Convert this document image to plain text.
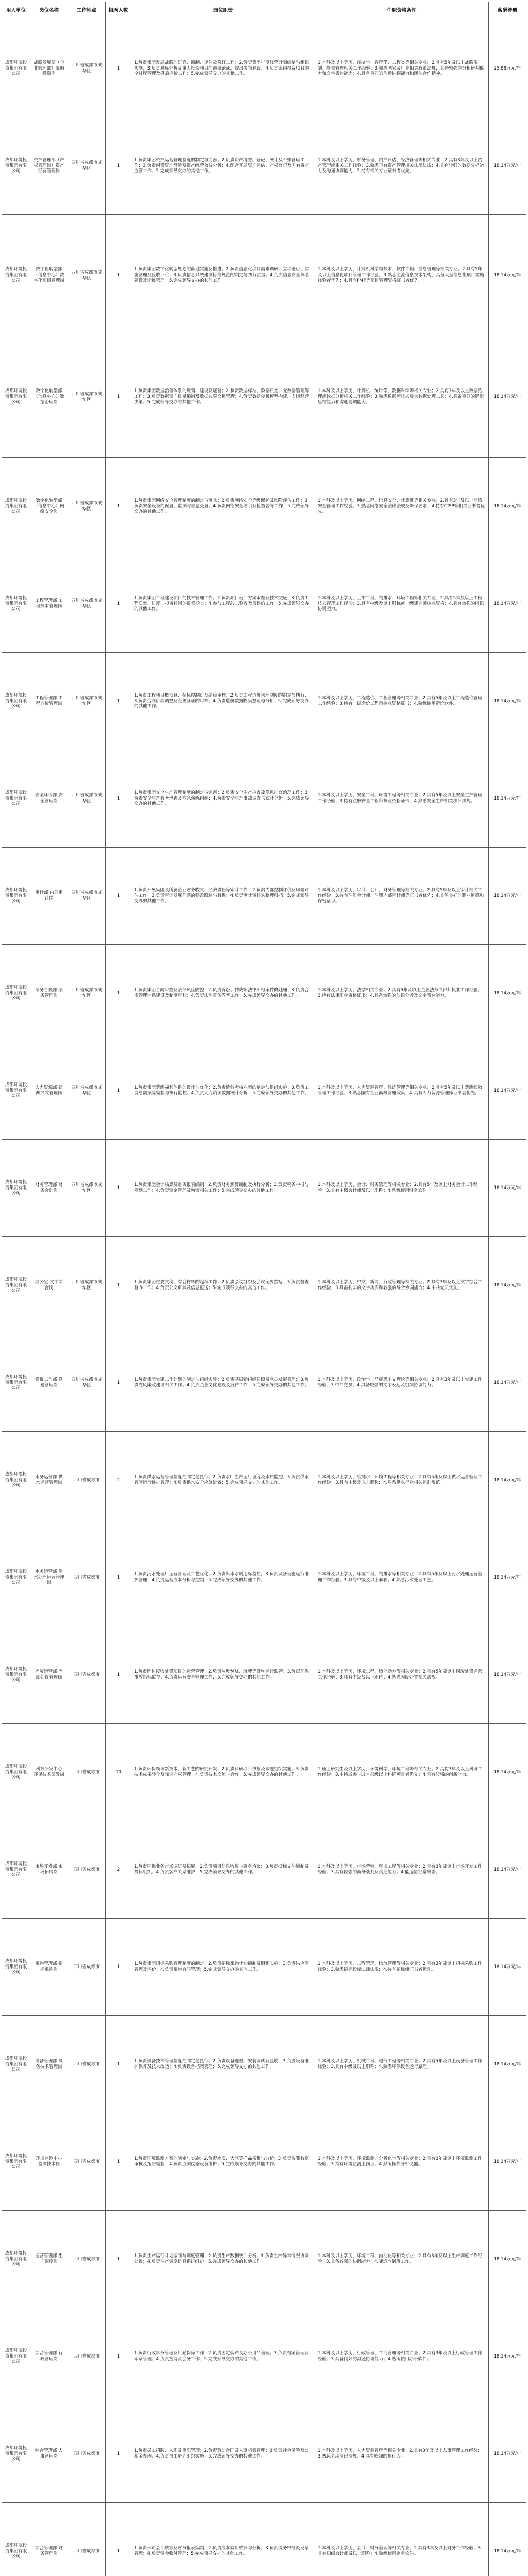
用人单位	岗位名称	工作地点	招聘人数	岗位职责	任职资格条件	薪酬待遇
成都环境投资集团有限公司	战略发展部（企业管理部）战略投资岗	四川省成都市成华区	1	1.负责集团发展战略的研究、编制、评估及修订工作；2.负责集团年度经营计划编制与组织实施；3.负责对标分析及重大投资项目的调研论证，提出决策建议；4.负责集团投资项目的全过程管理及投后评价工作；5.完成领导交办的其他工作。	1.本科及以上学历，经济学、管理学、工程类等相关专业；2.具有5年及以上战略规划、投资管理相关工作经验；3.熟悉国家及行业相关政策法规，具备较强的分析研判能力和文字表达能力；4.具备良好的沟通协调能力和团队合作精神。	25.88万元/年
成都环境投资集团有限公司	资产管理部（产权管理岗）资产经营管理岗	四川省成都市成华区	1	1.负责集团资产运营管理制度的制定与完善；2.负责资产清查、登记、统计及台账管理工作；3.负责闲置资产盘活及资产经营效益分析；4.配合开展资产评估、产权登记及国有资产监管工作；5.完成领导交办的其他工作。	1.本科及以上学历，财务管理、资产评估、经济管理等相关专业；2.具有3年及以上资产管理或相关工作经验；3.熟悉国有资产管理相关法律法规；4.具有较强的数据分析能力及沟通协调能力；5.持有相关专业证书者优先。	18.14万元/年
成都环境投资集团有限公司	数字化转型部（信息中心）数字化项目管理岗	四川省成都市成华区	1	1.负责集团数字化转型规划的落地实施及推进；2.负责信息化项目需求调研、立项论证、实施管理及验收评价；3.负责信息系统建设标准规范的制定与执行监督；4.负责信息安全体系建设及运维管理；5.完成领导交办的其他工作。	1.本科及以上学历，计算机科学与技术、软件工程、信息管理等相关专业；2.具有5年及以上信息化项目管理工作经验；3.熟悉主流信息技术架构，具备大型信息化项目实施经验者优先；4.具有PMP等项目管理资格证书者优先。	18.14万元/年
成都环境投资集团有限公司	数字化转型部（信息中心）数据治理岗	四川省成都市成华区	1	1.负责集团数据治理体系的规划、建设及运营；2.负责数据标准、数据质量、元数据管理等工作；3.负责数据资产目录编制及数据共享交换管理；4.负责数据分析模型构建，支撑经营决策；5.完成领导交办的其他工作。	1.本科及以上学历，计算机、统计学、数据科学等相关专业；2.具有3年及以上数据治理或数据分析相关工作经验；3.熟悉数据库技术及大数据处理工具；4.具备良好的逻辑思维能力和沟通协调能力。	18.14万元/年
成都环境投资集团有限公司	数字化转型部（信息中心）网络安全岗	四川省成都市成华区	1	1.负责集团网络安全管理制度的制定与落实；2.负责网络安全等级保护及风险评估工作；3.负责安全设备的配置、监测与应急处置；4.负责网络安全培训及检查督导工作；5.完成领导交办的其他工作。	1.本科及以上学历，网络工程、信息安全、计算机等相关专业；2.具有3年及以上网络安全管理工作经验；3.熟悉网络安全法律法规及等保要求；4.持有CISP等相关证书者优先。	18.14万元/年
成都环境投资集团有限公司	工程管理部 工程技术管理岗	四川省成都市成华区	1	1.负责集团工程建设项目的技术管理工作；2.负责项目设计方案审查及技术交底；3.负责工程质量、进度、投资控制的监督检查；4.参与工程竣工验收及后评价工作；5.完成领导交办的其他工作。	1.本科及以上学历，土木工程、给排水、环境工程等相关专业；2.具有5年及以上工程技术管理工作经验；3.具有中级及以上职称或一级建造师执业资格；4.具有较强的组织协调能力。	18.14万元/年
成都环境投资集团有限公司	工程管理部 工程造价管理岗	四川省成都市成华区	1	1.负责工程项目概预算、招标控制价及结算审核；2.负责工程造价管理制度的制定与执行；3.负责合同价款调整及变更签证的审核；4.负责造价数据收集整理与分析；5.完成领导交办的其他工作。	1.本科及以上学历，工程造价、工程管理等相关专业；2.具有5年及以上工程造价管理工作经验；3.持有一级造价工程师执业资格证书；4.熟练使用造价软件。	18.14万元/年
成都环境投资集团有限公司	安全环保部 安全管理岗	四川省成都市成华区	1	1.负责集团安全生产管理制度的制定与完善；2.负责安全生产检查及隐患排查治理工作；3.负责安全生产教育培训及应急演练组织；4.负责安全生产事故调查与统计分析；5.完成领导交办的其他工作。	1.本科及以上学历，安全工程、环境工程等相关专业；2.具有5年及以上安全生产管理工作经验；3.持有注册安全工程师执业资格证书；4.熟悉安全生产相关法律法规。	18.14万元/年
成都环境投资集团有限公司	审计部 内部审计岗	四川省成都市成华区	1	1.负责开展集团及所属企业财务收支、经济责任等审计工作；2.负责内部控制评价及风险评估工作；3.负责审计发现问题的整改跟踪与督促；4.负责审计资料的整理归档；5.完成领导交办的其他工作。	1.本科及以上学历，审计、会计、财务管理等相关专业；2.具有5年及以上审计相关工作经验；3.持有注册会计师、注册内部审计师等证书者优先；4.具备良好的职业道德和保密意识。	18.14万元/年
成都环境投资集团有限公司	法务合规部 法务管理岗	四川省成都市成华区	1	1.负责集团合同审查及法律风险防控；2.负责诉讼、仲裁等法律纠纷案件的处理；3.负责合规管理体系建设及制度审核；4.负责法治宣传教育工作；5.完成领导交办的其他工作。	1.本科及以上学历，法学相关专业；2.具有5年及以上企业法务或律师执业工作经验；3.持有法律职业资格证书；4.具备较强的法律分析及文字表达能力。	18.14万元/年
成都环境投资集团有限公司	人力资源部 薪酬绩效管理岗	四川省成都市成华区	1	1.负责集团薪酬福利体系的设计与优化；2.负责绩效考核方案的制定与组织实施；3.负责工资总额预算编制与执行监控；4.负责人力资源数据统计分析；5.完成领导交办的其他工作。	1.本科及以上学历，人力资源管理、经济管理等相关专业；2.具有5年及以上薪酬绩效管理工作经验；3.熟悉国有企业薪酬管理政策；4.具有人力资源管理师证书者优先。	18.14万元/年
成都环境投资集团有限公司	财务管理部 财务会计岗	四川省成都市成华区	1	1.负责集团会计核算及财务报表编制；2.负责财务预算编制及执行分析；3.负责税务申报与筹划工作；4.负责资金管理及融资相关工作；5.完成领导交办的其他工作。	1.本科及以上学历，会计、财务管理等相关专业；2.具有5年及以上财务会计工作经验；3.具有中级会计师及以上职称；4.熟练使用财务软件。	18.14万元/年
成都环境投资集团有限公司	办公室 文字综合岗	四川省成都市成华区	1	1.负责集团重要文稿、综合材料的起草工作；2.负责会议组织及会议纪要撰写；3.负责督查督办工作；4.负责公文审核及信息报送；5.完成领导交办的其他工作。	1.本科及以上学历，中文、新闻、行政管理等相关专业；2.具有3年及以上文字综合工作经验；3.具备扎实的文字功底和较强的综合协调能力；4.中共党员优先。	18.14万元/年
成都环境投资集团有限公司	党群工作部 党建管理岗	四川省成都市成华区	1	1.负责集团党建工作计划的制定与组织实施；2.负责基层党组织建设及党员发展管理；3.负责党风廉政建设相关工作；4.负责企业文化建设及宣传工作；5.完成领导交办的其他工作。	1.本科及以上学历，政治学、马克思主义理论等相关专业；2.具有3年及以上党建工作经验；3.中共党员；4.具备较强的文字表达及组织协调能力。	18.14万元/年
成都环境投资集团有限公司	水务运营部 供水运营管理岗	四川省成都市	2	1.负责供水运营管理制度的制定与执行；2.负责水厂生产运行调度及水质监控；3.负责供水管网运行维护管理；4.负责供水安全应急处置；5.完成领导交办的其他工作。	1.本科及以上学历，给排水、环境工程等相关专业；2.具有5年及以上供水运营管理工作经验；3.具有中级及以上职称；4.熟悉供水行业相关标准规范。	18.14万元/年
成都环境投资集团有限公司	水务运营部 污水处理运营管理岗	四川省成都市	1	1.负责污水处理厂运营管理及工艺优化；2.负责出水水质达标监控；3.负责设备设施运行维护管理；4.负责运营成本分析与控制；5.完成领导交办的其他工作。	1.本科及以上学历，环境工程、给排水等相关专业；2.具有5年及以上污水处理运营管理工作经验；3.具有中级及以上职称；4.熟悉污水处理工艺。	18.14万元/年
成都环境投资集团有限公司	固废运营部 固废处置管理岗	四川省成都市	1	1.负责固体废物处置项目的运营管理；2.负责垃圾焚烧、填埋等设施运行监管；3.负责环保排放指标监控；4.负责运营安全管理工作；5.完成领导交办的其他工作。	1.本科及以上学历，环境工程、热能动力等相关专业；2.具有5年及以上固废处置运营工作经验；3.具有中级及以上职称；4.熟悉固废处置相关法规。	18.14万元/年
成都环境投资集团有限公司	科技研发中心 环保技术研发岗	四川省成都市	10	1.负责环保领域新技术、新工艺的研究开发；2.负责科研项目申报及课题组织实施；3.负责技术成果转化及知识产权管理；4.负责技术交流与合作；5.完成领导交办的其他工作。	1.硕士研究生及以上学历，环境科学、环境工程等相关专业；2.具有3年及以上科研工作经验；3.主持或参与过省部级以上科研项目者优先；4.具有较强的创新能力。	18.14万元/年
成都环境投资集团有限公司	市场开发部 市场拓展岗	四川省成都市	2	1.负责环保业务市场调研及拓展；2.负责项目信息收集与商务洽谈；3.负责投标文件编制及投标组织；4.负责客户关系维护；5.完成领导交办的其他工作。	1.本科及以上学历，市场营销、环境工程等相关专业；2.具有3年及以上市场开发工作经验；3.具有较强的商务谈判及沟通能力；4.能适应经常出差。	18.14万元/年
成都环境投资集团有限公司	采购管理部 招标采购岗	四川省成都市	1	1.负责集团招标采购管理制度的制定；2.负责招标采购计划编制及组织实施；3.负责供应商管理及评价；4.负责采购合同管理；5.完成领导交办的其他工作。	1.本科及以上学历，工程管理、物流管理等相关专业；2.具有3年及以上招标采购工作经验；3.熟悉招标投标法律法规；4.持有招标师证书者优先。	18.14万元/年
成都环境投资集团有限公司	设备管理部 设备技术管理岗	四川省成都市	1	1.负责设备技术管理制度的制定与执行；2.负责设备选型、安装调试及验收；3.负责设备维护保养及技术改造；4.负责设备档案管理；5.完成领导交办的其他工作。	1.本科及以上学历，机械工程、电气工程等相关专业；2.具有5年及以上设备管理工作经验；3.具有中级及以上职称；4.熟悉环保设备运行原理。	18.14万元/年
成都环境投资集团有限公司	环境监测中心 监测技术岗	四川省成都市	1	1.负责环境监测方案的制定与实施；2.负责水质、大气等样品采集与分析；3.负责监测数据审核及报告编制；4.负责监测仪器设备维护；5.完成领导交办的其他工作。	1.本科及以上学历，环境监测、分析化学等相关专业；2.具有3年及以上环境监测工作经验；3.持有环境监测上岗证；4.熟练操作分析仪器。	18.14万元/年
成都环境投资集团有限公司	运营管理部 生产调度岗	四川省成都市	1	1.负责生产运行计划编制与调度管理；2.负责生产数据统计分析；3.负责生产异常情况协调处置；4.负责生产调度信息系统维护；5.完成领导交办的其他工作。	1.本科及以上学历，环境工程、自动化等相关专业；2.具有3年及以上生产调度工作经验；3.具备较强的协调能力；4.能适应倒班工作。	18.14万元/年
成都环境投资集团有限公司	综合管理部 行政管理岗	四川省成都市	1	1.负责行政事务管理及后勤保障工作；2.负责固定资产及办公用品管理；3.负责档案管理及印章管理；4.负责接待及会务工作；5.完成领导交办的其他工作。	1.本科及以上学历，行政管理、工商管理等相关专业；2.具有3年及以上行政管理工作经验；3.具备良好的沟通协调能力；4.熟练使用办公软件。	18.14万元/年
成都环境投资集团有限公司	综合管理部 人事管理岗	四川省成都市	1	1.负责员工招聘、入职及离职管理；2.负责劳动合同及人事档案管理；3.负责社会保险及公积金办理；4.负责员工培训组织实施；5.完成领导交办的其他工作。	1.本科及以上学历，人力资源管理等相关专业；2.具有3年及以上人事管理工作经验；3.熟悉劳动法律法规；4.具有较强的执行力。	18.14万元/年
成都环境投资集团有限公司	综合管理部 财务管理岗	四川省成都市	1	1.负责公司会计核算及财务报表编制；2.负责成本费用核算与分析；3.负责税务申报及发票管理；4.负责资金收付管理；5.完成领导交办的其他工作。	1.本科及以上学历，会计、财务管理等相关专业；2.具有3年及以上财务工作经验；3.具有初级会计师及以上职称；4.熟练使用财务软件。	18.14万元/年
